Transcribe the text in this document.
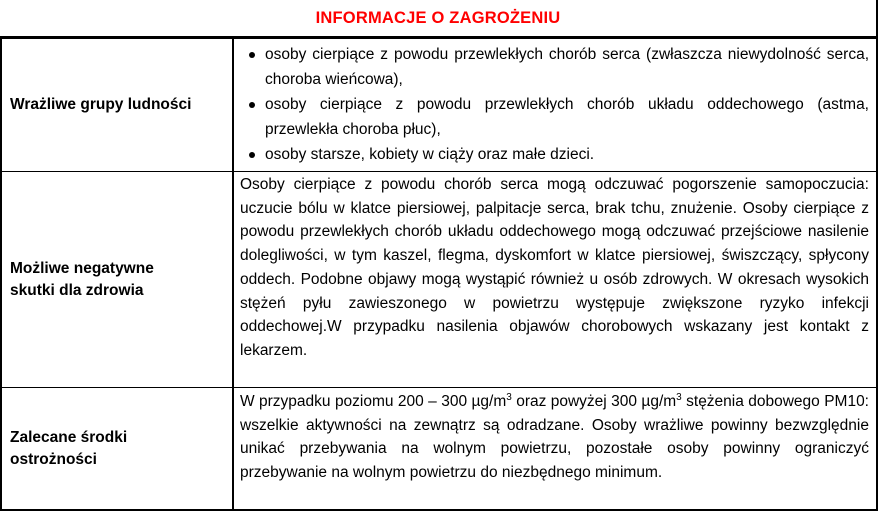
INFORMACJE O ZAGROŻENIU
Wrażliwe grupy ludności
osoby cierpiące z powodu przewlekłych chorób serca (zwłaszcza niewydolność serca, choroba wieńcowa),
osoby cierpiące z powodu przewlekłych chorób układu oddechowego (astma, przewlekła choroba płuc),
osoby starsze, kobiety w ciąży oraz małe dzieci.
Możliwe negatywne
skutki dla zdrowia

Osoby cierpiące z powodu chorób serca mogą odczuwać pogorszenie samopoczucia: uczucie bólu w klatce piersiowej, palpitacje serca, brak tchu, znużenie. Osoby cierpiące z powodu przewlekłych chorób układu oddechowego mogą odczuwać przejściowe nasilenie dolegliwości, w tym kaszel, flegma, dyskomfort w klatce piersiowej, świszczący, spłycony oddech. Podobne objawy mogą wystąpić również u osób zdrowych. W okresach wysokich stężeń pyłu zawieszonego w powietrzu występuje zwiększone ryzyko infekcji oddechowej.W przypadku nasilenia objawów chorobowych wskazany jest kontakt z lekarzem.

Zalecane środki
ostrożności

W przypadku poziomu 200 – 300 $\mu g/m^3$ oraz powyżej 300 $\mu g/m^3$ stężenia dobowego PM10: wszelkie aktywności na zewnątrz są odradzane. Osoby wrażliwe powinny bezwzględnie unikać przebywania na wolnym powietrzu, pozostałe osoby powinny ograniczyć przebywanie na wolnym powietrzu do niezbędnego minimum.
